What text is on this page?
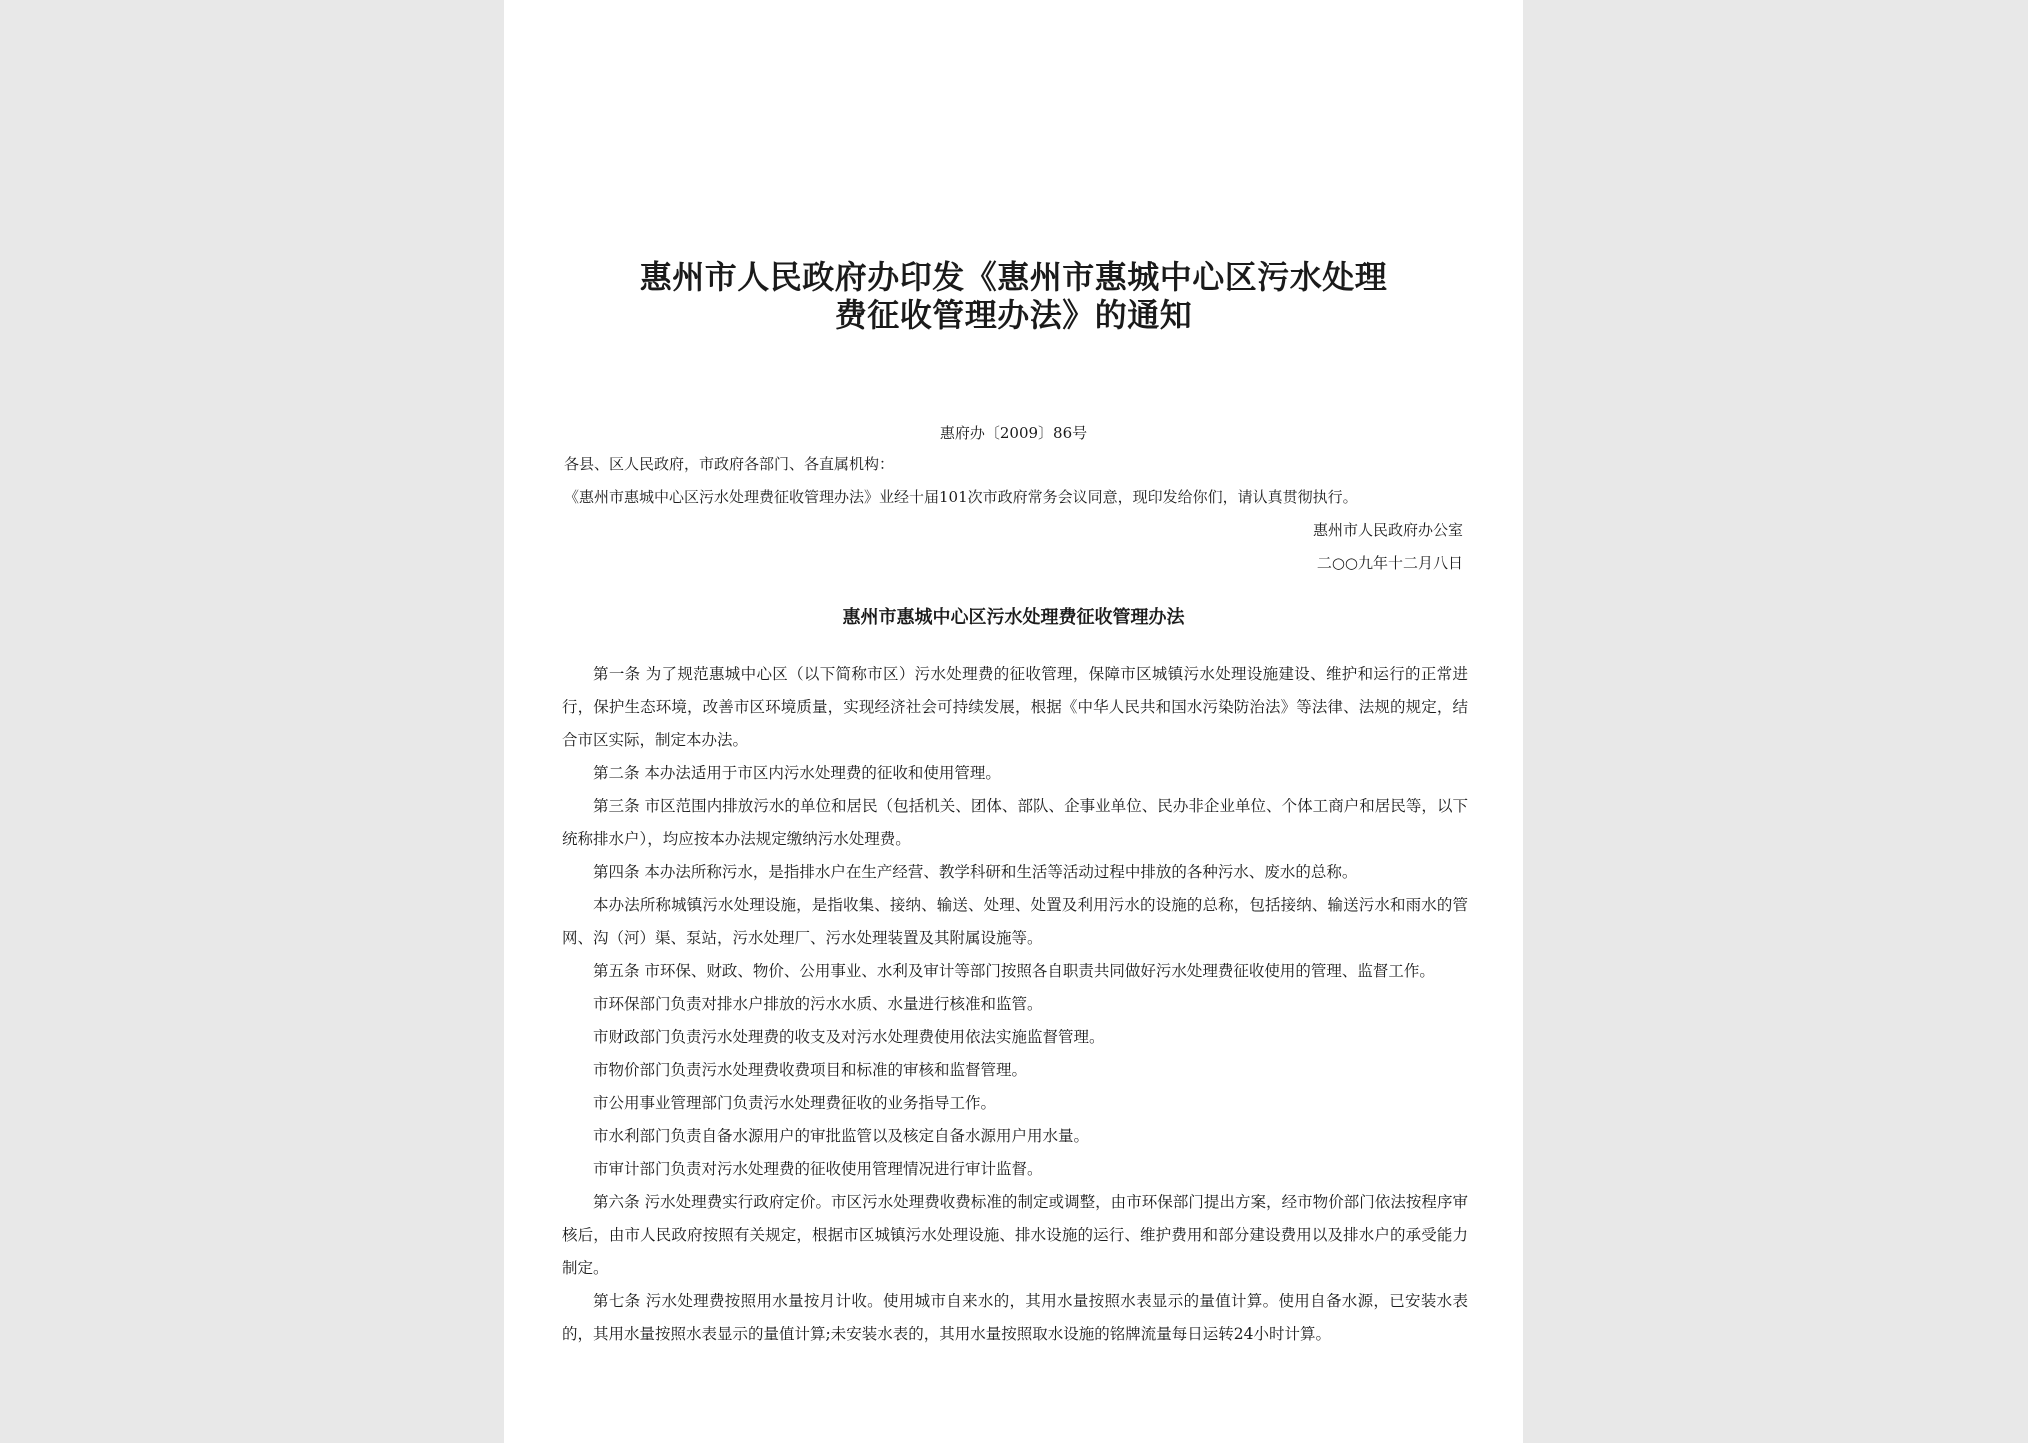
惠州市人民政府办印发《惠州市惠城中心区污水处理
费征收管理办法》的通知
惠府办〔2009〕86号
各县、区人民政府，市政府各部门、各直属机构：
《惠州市惠城中心区污水处理费征收管理办法》业经十届101次市政府常务会议同意，现印发给你们，请认真贯彻执行。
惠州市人民政府办公室
二○○九年十二月八日
惠州市惠城中心区污水处理费征收管理办法

第一条 为了规范惠城中心区（以下简称市区）污水处理费的征收管理，保障市区城镇污水处理设施建设、维护和运行的正常进行，保护生态环境，改善市区环境质量，实现经济社会可持续发展，根据《中华人民共和国水污染防治法》等法律、法规的规定，结合市区实际，制定本办法。

第二条 本办法适用于市区内污水处理费的征收和使用管理。

第三条 市区范围内排放污水的单位和居民（包括机关、团体、部队、企事业单位、民办非企业单位、个体工商户和居民等，以下统称排水户），均应按本办法规定缴纳污水处理费。

第四条 本办法所称污水，是指排水户在生产经营、教学科研和生活等活动过程中排放的各种污水、废水的总称。

本办法所称城镇污水处理设施，是指收集、接纳、输送、处理、处置及利用污水的设施的总称，包括接纳、输送污水和雨水的管网、沟（河）渠、泵站，污水处理厂、污水处理装置及其附属设施等。

第五条 市环保、财政、物价、公用事业、水利及审计等部门按照各自职责共同做好污水处理费征收使用的管理、监督工作。

市环保部门负责对排水户排放的污水水质、水量进行核准和监管。

市财政部门负责污水处理费的收支及对污水处理费使用依法实施监督管理。

市物价部门负责污水处理费收费项目和标准的审核和监督管理。

市公用事业管理部门负责污水处理费征收的业务指导工作。

市水利部门负责自备水源用户的审批监管以及核定自备水源用户用水量。

市审计部门负责对污水处理费的征收使用管理情况进行审计监督。

第六条 污水处理费实行政府定价。市区污水处理费收费标准的制定或调整，由市环保部门提出方案，经市物价部门依法按程序审核后，由市人民政府按照有关规定，根据市区城镇污水处理设施、排水设施的运行、维护费用和部分建设费用以及排水户的承受能力制定。

第七条 污水处理费按照用水量按月计收。使用城市自来水的，其用水量按照水表显示的量值计算。使用自备水源，已安装水表的，其用水量按照水表显示的量值计算;未安装水表的，其用水量按照取水设施的铭牌流量每日运转24小时计算。
